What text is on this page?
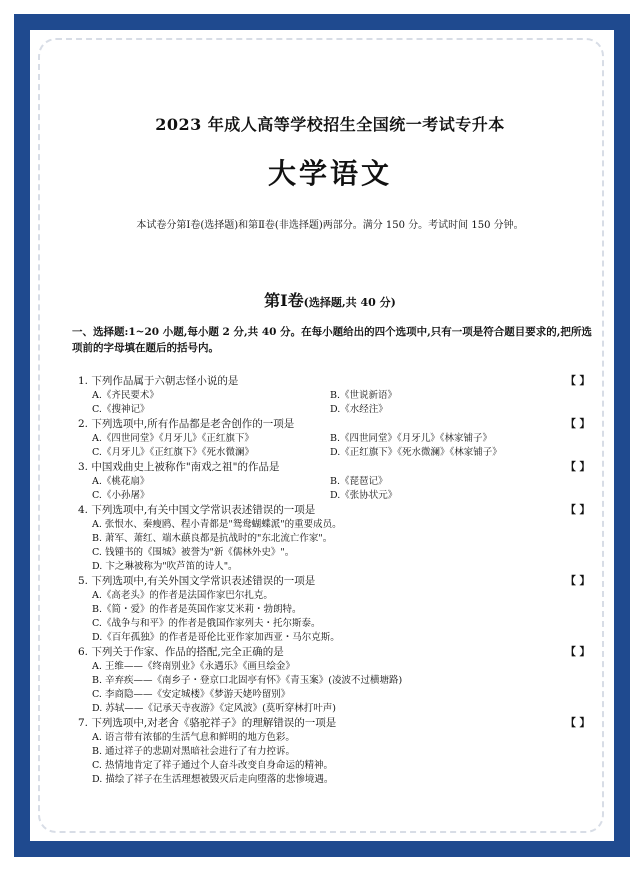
2023 年成人高等学校招生全国统一考试专升本
大学语文
本试卷分第Ⅰ卷(选择题)和第Ⅱ卷(非选择题)两部分。满分 150 分。考试时间 150 分钟。
第Ⅰ卷(选择题,共 40 分)
一、选择题:1~20 小题,每小题 2 分,共 40 分。在每小题给出的四个选项中,只有一项是符合题目要求的,把所选项前的字母填在题后的括号内。
1. 下列作品属于六朝志怪小说的是	【 】
A.《齐民要术》	B.《世说新语》
C.《搜神记》	D.《水经注》
2. 下列选项中,所有作品都是老舍创作的一项是	【 】
A.《四世同堂》《月牙儿》《正红旗下》	B.《四世同堂》《月牙儿》《林家铺子》
C.《月牙儿》《正红旗下》《死水微澜》	D.《正红旗下》《死水微澜》《林家铺子》
3. 中国戏曲史上被称作"南戏之祖"的作品是	【 】
A.《桃花扇》	B.《琵琶记》
C.《小孙屠》	D.《张协状元》
4. 下列选项中,有关中国文学常识表述错误的一项是	【 】
A. 张恨水、秦瘦鸥、程小青都是"鸳鸯蝴蝶派"的重要成员。
B. 萧军、萧红、端木蕻良都是抗战时的"东北流亡作家"。
C. 钱锺书的《围城》被誉为"新《儒林外史》"。
D. 卞之琳被称为"吹芦笛的诗人"。
5. 下列选项中,有关外国文学常识表述错误的一项是	【 】
A.《高老头》的作者是法国作家巴尔扎克。
B.《简・爱》的作者是英国作家艾米莉・勃朗特。
C.《战争与和平》的作者是俄国作家列夫・托尔斯泰。
D.《百年孤独》的作者是哥伦比亚作家加西亚・马尔克斯。
6. 下列关于作家、作品的搭配,完全正确的是	【 】
A. 王维——《终南别业》《永遇乐》《画旦绘金》
B. 辛弃疾——《南乡子・登京口北固亭有怀》《青玉案》(凌波不过横塘路)
C. 李商隐——《安定城楼》《梦游天姥吟留别》
D. 苏轼——《记承天寺夜游》《定风波》(莫听穿林打叶声)
7. 下列选项中,对老舍《骆驼祥子》的理解错误的一项是	【 】
A. 语言带有浓郁的生活气息和鲜明的地方色彩。
B. 通过祥子的悲剧对黑暗社会进行了有力控诉。
C. 热情地肯定了祥子通过个人奋斗改变自身命运的精神。
D. 描绘了祥子在生活理想被毁灭后走向堕落的悲惨境遇。
